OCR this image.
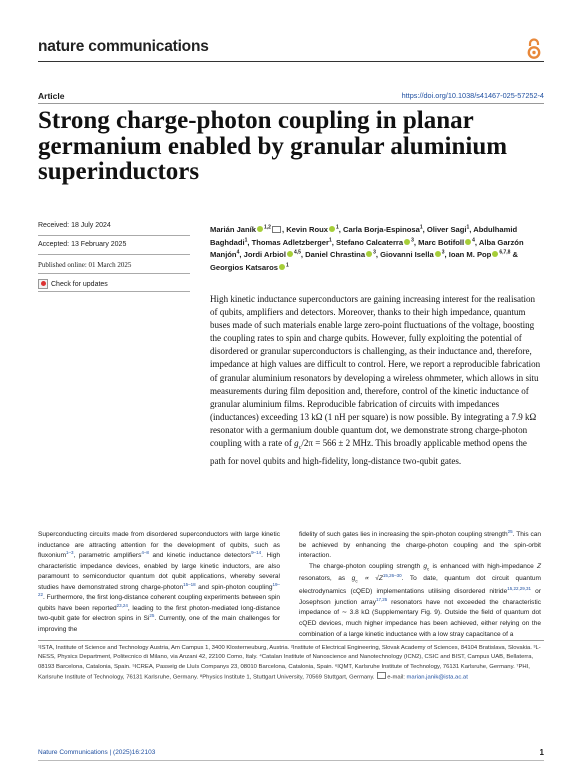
nature communications
Article	https://doi.org/10.1038/s41467-025-57252-4
Strong charge-photon coupling in planar germanium enabled by granular aluminium superinductors
Received: 18 July 2024
Accepted: 13 February 2025
Published online: 01 March 2025
Check for updates
Marián Janík $^{1,2}$ , Kevin Roux $^1$, Carla Borja-Espinosa$^1$, Oliver Sagi$^1$, Abdulhamid Baghdadi$^1$, Thomas Adletzberger$^1$, Stefano Calcaterra $^3$, Marc Botifoll $^4$, Alba Garzón Manjón$^4$, Jordi Arbiol $^{4,5}$, Daniel Chrastina $^3$, Giovanni Isella $^3$, Ioan M. Pop $^{6,7,8}$ & Georgios Katsaros $^1$

High kinetic inductance superconductors are gaining increasing interest for the realisation of qubits, amplifiers and detectors. Moreover, thanks to their high impedance, quantum buses made of such materials enable large zero-point fluctuations of the voltage, boosting the coupling rates to spin and charge qubits. However, fully exploiting the potential of disordered or granular superconductors is challenging, as their inductance and, therefore, impedance at high values are difficult to control. Here, we report a reproducible fabrication of granular aluminium resonators by developing a wireless ohmmeter, which allows in situ measurements during film deposition and, therefore, control of the kinetic inductance of granular aluminium films. Reproducible fabrication of circuits with impedances (inductances) exceeding 13 kΩ (1 nH per square) is now possible. By integrating a 7.9 kΩ resonator with a germanium double quantum dot, we demonstrate strong charge-photon coupling with a rate of $g_c/2\pi = 566 \pm 2$ MHz. This broadly applicable method opens the path for novel qubits and high-fidelity, long-distance two-qubit gates.

Superconducting circuits made from disordered superconductors with large kinetic inductance are attracting attention for the development of qubits, such as fluxonium$^{1-3}$, parametric amplifiers$^{4-8}$ and kinetic inductance detectors$^{9-14}$. High characteristic impedance devices, enabled by large kinetic inductors, are also paramount to semiconductor quantum dot qubit applications, whereby several studies have demonstrated strong charge-photon$^{15-18}$ and spin-photon coupling$^{19-22}$. Furthermore, the first long-distance coherent coupling experiments between spin qubits have been reported$^{23,24}$, leading to the first photon-mediated long-distance two-qubit gate for electron spins in Si$^{25}$. Currently, one of the main challenges for improving the

fidelity of such gates lies in increasing the spin-photon coupling strength$^{25}$. This can be achieved by enhancing the charge-photon coupling and the spin-orbit interaction.

The charge-photon coupling strength $g_c$ is enhanced with high-impedance Z resonators, as $g_c \propto √Z^{15,26-30}$. To date, quantum dot circuit quantum electrodynamics (cQED) implementations utilising disordered nitride$^{15,22,29,31}$ or Josephson junction array$^{17,25}$ resonators have not exceeded the characteristic impedance of ∼ 3.8 kΩ (Supplementary Fig. 9). Outside the field of quantum dot cQED devices, much higher impedance has been achieved, either relying on the combination of a large kinetic inductance with a low stray capacitance of a

¹ISTA, Institute of Science and Technology Austria, Am Campus 1, 3400 Klosterneuburg, Austria. ²Institute of Electrical Engineering, Slovak Academy of Sciences, 84104 Bratislava, Slovakia. ³L-NESS, Physics Department, Politecnico di Milano, via Anzani 42, 22100 Como, Italy. ⁴Catalan Institute of Nanoscience and Nanotechnology (ICN2), CSIC and BIST, Campus UAB, Bellaterra, 08193 Barcelona, Catalonia, Spain. ⁵ICREA, Passeig de Lluís Companys 23, 08010 Barcelona, Catalonia, Spain. ⁶IQMT, Karlsruhe Institute of Technology, 76131 Karlsruhe, Germany. ⁷PHI, Karlsruhe Institute of Technology, 76131 Karlsruhe, Germany. ⁸Physics Institute 1, Stuttgart University, 70569 Stuttgart, Germany. e-mail: marian.janik@ista.ac.at
Nature Communications | (2025)16:2103	1
